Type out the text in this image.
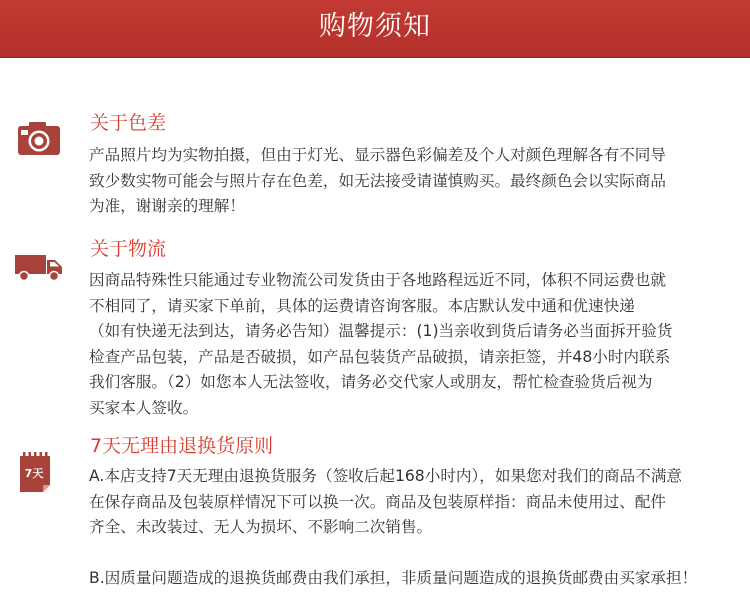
购物须知
关于色差

产品照片均为实物拍摄，但由于灯光、显示器色彩偏差及个人对颜色理解各有不同导

致少数实物可能会与照片存在色差，如无法接受请谨慎购买。最终颜色会以实际商品

为准，谢谢亲的理解！

关于物流

因商品特殊性只能通过专业物流公司发货由于各地路程远近不同，体积不同运费也就

不相同了，请买家下单前，具体的运费请咨询客服。本店默认发中通和优速快递

（如有快递无法到达，请务必告知）温馨提示：(1)当亲收到货后请务必当面拆开验货

检查产品包装，产品是否破损，如产品包装货产品破损，请亲拒签，并48小时内联系

我们客服。（2）如您本人无法签收，请务必交代家人或朋友，帮忙检查验货后视为

买家本人签收。

7天
7天无理由退换货原则

A.本店支持7天无理由退换货服务（签收后起168小时内），如果您对我们的商品不满意

在保存商品及包装原样情况下可以换一次。商品及包装原样指：商品未使用过、配件

齐全、未改装过、无人为损坏、不影响二次销售。

B.因质量问题造成的退换货邮费由我们承担，非质量问题造成的退换货邮费由买家承担！
